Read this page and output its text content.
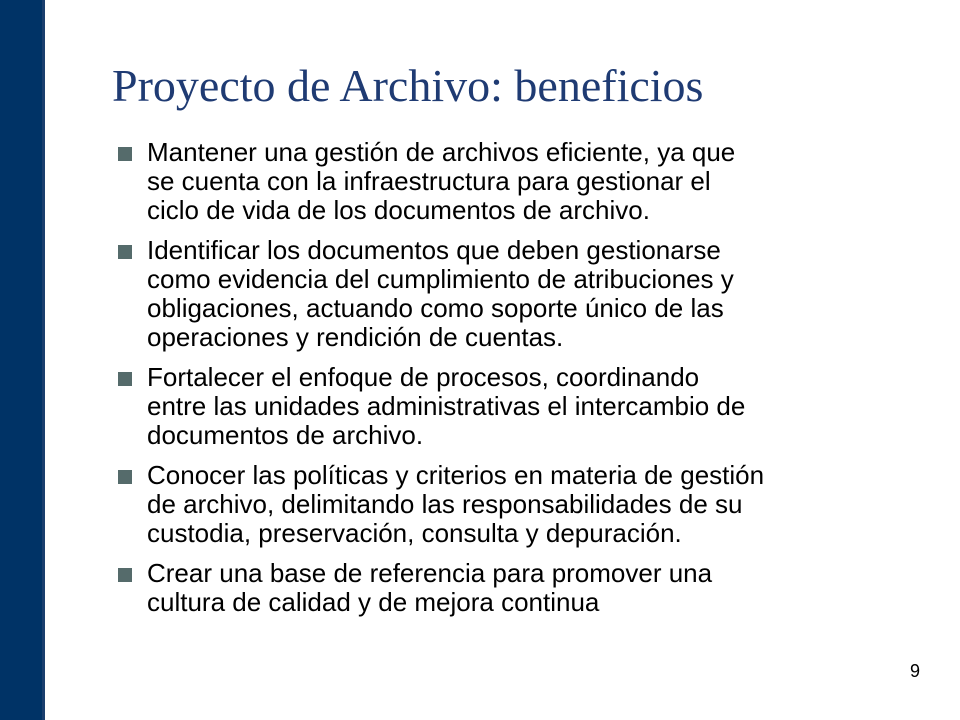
Proyecto de Archivo: beneficios
Mantener una gestión de archivos eficiente, ya que
se cuenta con la infraestructura para gestionar el
ciclo de vida de los documentos de archivo.
Identificar los documentos que deben gestionarse
como evidencia del cumplimiento de atribuciones y
obligaciones, actuando como soporte único de las
operaciones y rendición de cuentas.
Fortalecer el enfoque de procesos, coordinando
entre las unidades administrativas el intercambio de
documentos de archivo.
Conocer las políticas y criterios en materia de gestión
de archivo, delimitando las responsabilidades de su
custodia, preservación, consulta y depuración.
Crear una base de referencia para promover una
cultura de calidad y de mejora continua
9
